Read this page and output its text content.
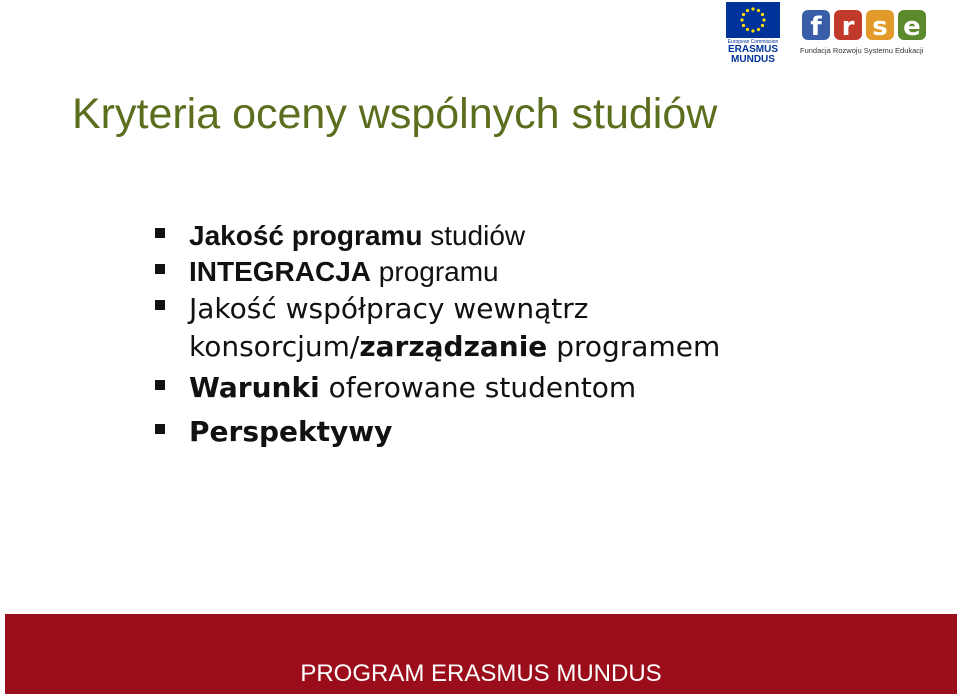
European Commission
ERASMUS
MUNDUS
f r s e
Fundacja Rozwoju Systemu Edukacji
Kryteria oceny wspólnych studiów
Jakość programu studiów
INTEGRACJA programu
Jakość współpracy wewnątrz konsorcjum/zarządzanie programem
Warunki oferowane studentom
Perspektywy
PROGRAM ERASMUS MUNDUS
